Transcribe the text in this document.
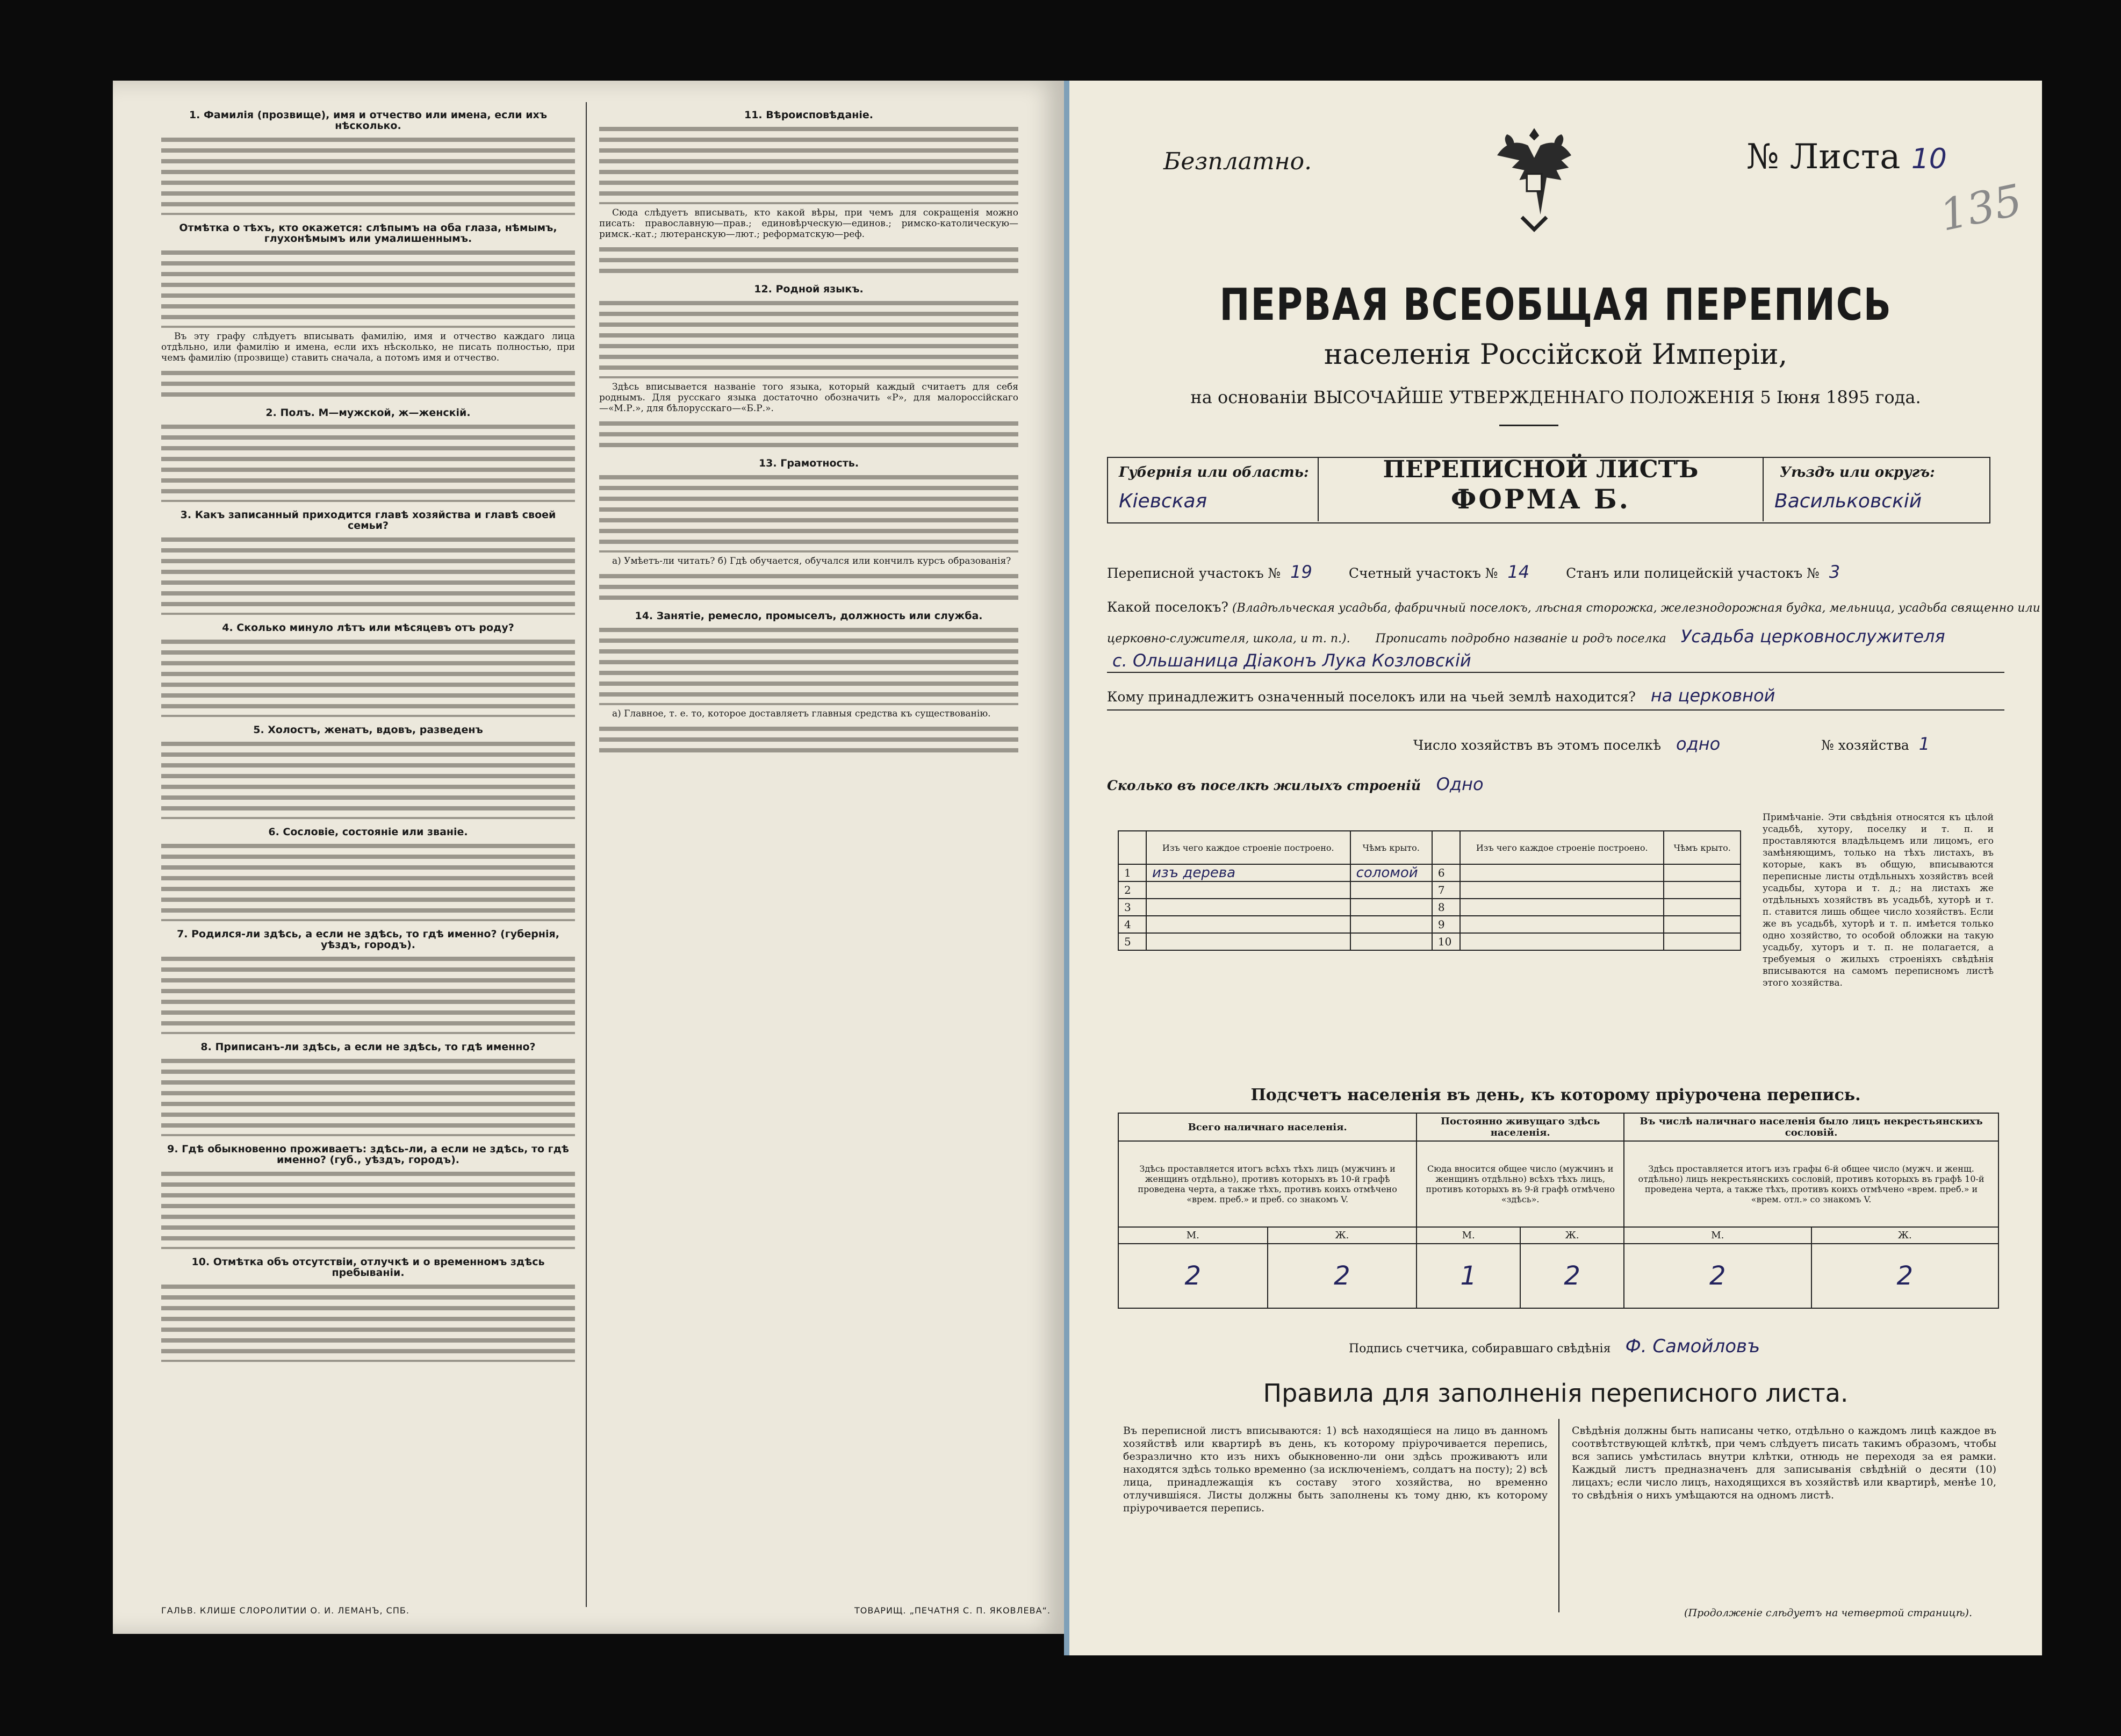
1. Фамилія (прозвище), имя и отчество или имена, если ихъ нѣсколько.
Отмѣтка о тѣхъ, кто окажется: слѣпымъ на оба глаза, нѣмымъ, глухонѣмымъ или умалишеннымъ.

Въ эту графу слѣдуетъ вписывать фамилію, имя и отчество каждаго лица отдѣльно, или фамилію и имена, если ихъ нѣсколько, не писать полностью, при чемъ фамилію (прозвище) ставить сначала, а потомъ имя и отчество.

2. Полъ. М—мужской, ж—женскій.
3. Какъ записанный приходится главѣ хозяйства и главѣ своей семьи?
4. Сколько минуло лѣтъ или мѣсяцевъ отъ роду?
5. Холостъ, женатъ, вдовъ, разведенъ
6. Сословіе, состояніе или званіе.
7. Родился-ли здѣсь, а если не здѣсь, то гдѣ именно? (губернія, уѣздъ, городъ).
8. Приписанъ-ли здѣсь, а если не здѣсь, то гдѣ именно?
9. Гдѣ обыкновенно проживаетъ: здѣсь-ли, а если не здѣсь, то гдѣ именно? (губ., уѣздъ, городъ).
10. Отмѣтка объ отсутствіи, отлучкѣ и о временномъ здѣсь пребываніи.
11. Вѣроисповѣданіе.

Сюда слѣдуетъ вписывать, кто какой вѣры, при чемъ для сокращенія можно писать: православную—прав.; единовѣрческую—единов.; римско-католическую—римск.-кат.; лютеранскую—лют.; реформатскую—реф.

12. Родной языкъ.

Здѣсь вписывается названіе того языка, который каждый считаетъ для себя роднымъ. Для русскаго языка достаточно обозначить «Р», для малороссійскаго—«М.Р.», для бѣлорусскаго—«Б.Р.».

13. Грамотность.

а) Умѣетъ-ли читать? б) Гдѣ обучается, обучался или кончилъ курсъ образованія?

14. Занятіе, ремесло, промыселъ, должность или служба.

а) Главное, т. е. то, которое доставляетъ главныя средства къ существованію.

ГАЛЬВ. КЛИШЕ СЛОРОЛИТИИ О. И. ЛЕМАНЪ, СПБ.	ТОВАРИЩ. „ПЕЧАТНЯ С. П. ЯКОВЛЕВА“.
Безплатно.	№ Листа 10
135
ПЕРВАЯ ВСЕОБЩАЯ ПЕРЕПИСЬ
населенія Россійской Имперіи,
на основаніи ВЫСОЧАЙШЕ УТВЕРЖДЕННАГО ПОЛОЖЕНІЯ 5 Іюня 1895 года.
Губернія или область:
Кіевская
ПЕРЕПИСНОЙ ЛИСТЪ
ФОРМА Б.
Уѣздъ или округъ:
Васильковскій
Переписной участокъ № 19	Счетный участокъ № 14	Станъ или полицейскій участокъ № 3
Какой поселокъ? (Владѣльческая усадьба, фабричный поселокъ, лѣсная сторожка, железнодорожная будка, мельница, усадьба священно или
церковно-служителя, школа, и т. п.). Прописать подробно названіе и родъ поселка Усадьба церковнослужителя
с. Ольшаница Діаконъ Лука Козловскій
Кому принадлежитъ означенный поселокъ или на чьей землѣ находится? на церковной
Число хозяйствъ въ этомъ поселкѣ одно	№ хозяйства 1
Сколько въ поселкѣ жилыхъ строеній Одно
	Изъ чего каждое строеніе построено.	Чѣмъ крыто.		Изъ чего каждое строеніе построено.	Чѣмъ крыто.
1	изъ дерева	соломой	6		
2			7		
3			8		
4			9		
5			10		
Примѣчаніе. Эти свѣдѣнія относятся къ цѣлой усадьбѣ, хутору, поселку и т. п. и проставляются владѣльцемъ или лицомъ, его замѣняющимъ, только на тѣхъ листахъ, въ которые, какъ въ общую, вписываются переписные листы отдѣльныхъ хозяйствъ всей усадьбы, хутора и т. д.; на листахъ же отдѣльныхъ хозяйствъ въ усадьбѣ, хуторѣ и т. п. ставится лишь общее число хозяйствъ. Если же въ усадьбѣ, хуторѣ и т. п. имѣется только одно хозяйство, то особой обложки на такую усадьбу, хуторъ и т. п. не полагается, а требуемыя о жилыхъ строеніяхъ свѣдѣнія вписываются на самомъ переписномъ листѣ этого хозяйства.
Подсчетъ населенія въ день, къ которому пріурочена перепись.
Всего наличнаго населенія.		Постоянно живущаго здѣсь населенія.		Въ числѣ наличнаго населенія было лицъ некрестьянскихъ сословій.	
Здѣсь проставляется итогъ всѣхъ тѣхъ лицъ (мужчинъ и женщинъ отдѣльно), противъ которыхъ въ 10-й графѣ проведена черта, а также тѣхъ, противъ коихъ отмѣчено «врем. преб.» и преб. со знакомъ V.		Сюда вносится общее число (мужчинъ и женщинъ отдѣльно) всѣхъ тѣхъ лицъ, противъ которыхъ въ 9-й графѣ отмѣчено «здѣсь».		Здѣсь проставляется итогъ изъ графы 6-й общее число (мужч. и женщ. отдѣльно) лицъ некрестьянскихъ сословій, противъ которыхъ въ графѣ 10-й проведена черта, а также тѣхъ, противъ коихъ отмѣчено «врем. преб.» и «врем. отл.» со знакомъ V.	
М.	Ж.	М.	Ж.	М.	Ж.
2	2	1	2	2	2
Подпись счетчика, собиравшаго свѣдѣнія Ф. Самойловъ
Правила для заполненія переписного листа.
Въ переписной листъ вписываются: 1) всѣ находящіеся на лицо въ данномъ хозяйствѣ или квартирѣ въ день, къ которому пріурочивается перепись, безразлично кто изъ нихъ обыкновенно-ли они здѣсь проживаютъ или находятся здѣсь только временно (за исключеніемъ, солдатъ на посту); 2) всѣ лица, принадлежащія къ составу этого хозяйства, но временно отлучившіяся. Листы должны быть заполнены къ тому дню, къ которому пріурочивается перепись.
Свѣдѣнія должны быть написаны четко, отдѣльно о каждомъ лицѣ каждое въ соотвѣтствующей клѣткѣ, при чемъ слѣдуетъ писать такимъ образомъ, чтобы вся запись умѣстилась внутри клѣтки, отнюдь не переходя за ея рамки. Каждый листъ предназначенъ для записыванія свѣдѣній о десяти (10) лицахъ; если число лицъ, находящихся въ хозяйствѣ или квартирѣ, менѣе 10, то свѣдѣнія о нихъ умѣщаются на одномъ листѣ.
(Продолженіе слѣдуетъ на четвертой страницѣ).
